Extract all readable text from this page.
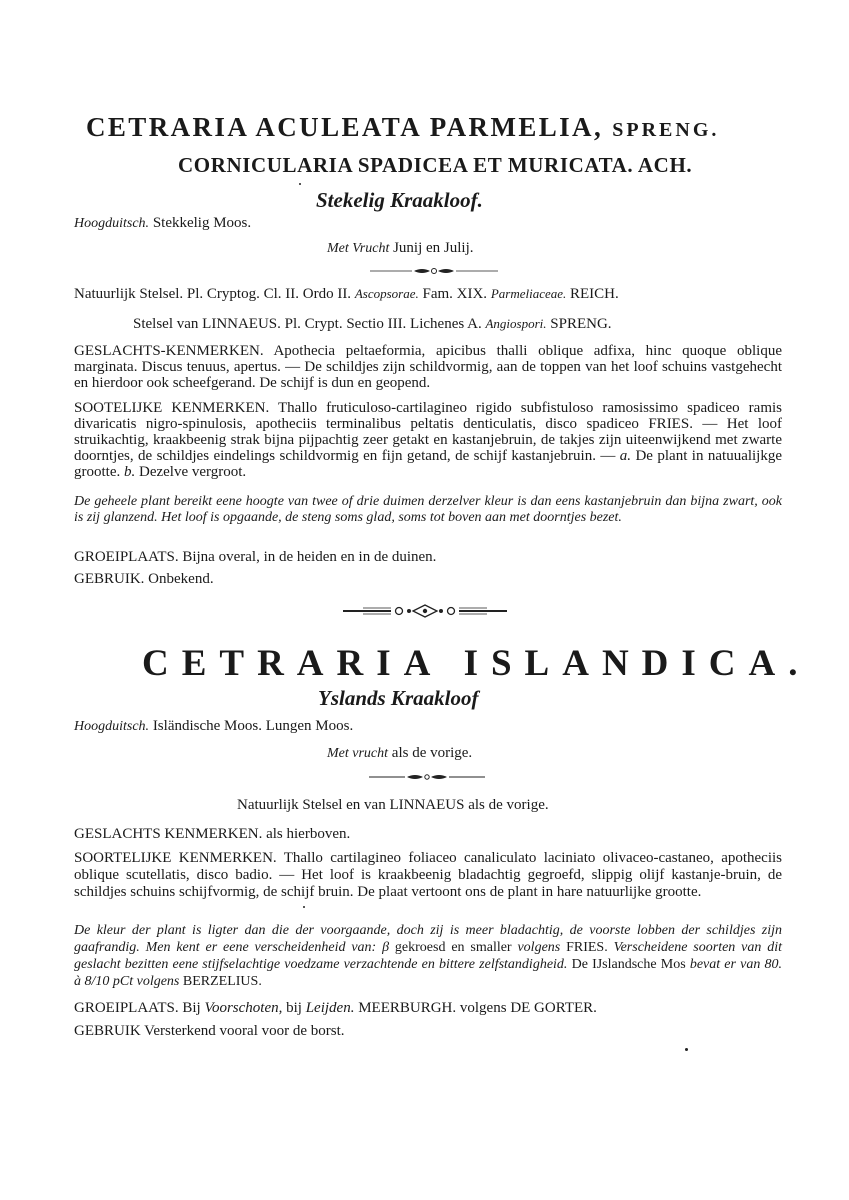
CETRARIA ACULEATA PARMELIA, SPRENG.
CORNICULARIA SPADICEA ET MURICATA. ACH.
Stekelig Kraakloof.
Hoogduitsch. Stekkelig Moos.
Met Vrucht Junij en Julij.
Natuurlijk Stelsel. Pl. Cryptog. Cl. II. Ordo II. Ascopsorae. Fam. XIX. Parmeliaceae. REICH.
Stelsel van LINNAEUS. Pl. Crypt. Sectio III. Lichenes A. Angiospori. SPRENG.
GESLACHTS-KENMERKEN. Apothecia peltaeformia, apicibus thalli oblique adfixa, hinc quoque oblique marginata. Discus tenuus, apertus. — De schildjes zijn schildvormig, aan de toppen van het loof schuins vastgehecht en hierdoor ook scheefgerand. De schijf is dun en geopend.
SOOTELIJKE KENMERKEN. Thallo fruticuloso-cartilagineo rigido subfistuloso ramosissimo spadiceo ramis divaricatis nigro-spinulosis, apotheciis terminalibus peltatis denticulatis, disco spadiceo FRIES. — Het loof struikachtig, kraakbeenig strak bijna pijpachtig zeer getakt en kastanjebruin, de takjes zijn uiteenwijkend met zwarte doorntjes, de schildjes eindelings schildvormig en fijn getand, de schijf kastanjebruin. — a. De plant in natuualijkge grootte. b. Dezelve vergroot.
De geheele plant bereikt eene hoogte van twee of drie duimen derzelver kleur is dan eens kastanjebruin dan bijna zwart, ook is zij glanzend. Het loof is opgaande, de steng soms glad, soms tot boven aan met doorntjes bezet.
GROEIPLAATS. Bijna overal, in de heiden en in de duinen.
GEBRUIK. Onbekend.
CETRARIA ISLANDICA.
Yslands Kraakloof
Hoogduitsch. Isländische Moos. Lungen Moos.
Met vrucht als de vorige.
Natuurlijk Stelsel en van LINNAEUS als de vorige.
GESLACHTS KENMERKEN. als hierboven.
SOORTELIJKE KENMERKEN. Thallo cartilagineo foliaceo canaliculato laciniato olivaceo-castaneo, apotheciis oblique scutellatis, disco badio. — Het loof is kraakbeenig bladachtig gegroefd, slippig olijf kastanje-bruin, de schildjes schuins schijfvormig, de schijf bruin. De plaat vertoont ons de plant in hare natuurlijke grootte.
De kleur der plant is ligter dan die der voorgaande, doch zij is meer bladachtig, de voorste lobben der schildjes zijn gaafrandig. Men kent er eene verscheidenheid van: β gekroesd en smaller volgens FRIES. Verscheidene soorten van dit geslacht bezitten eene stijfselachtige voedzame verzachtende en bittere zelfstandigheid. De IJslandsche Mos bevat er van 80. à 8/10 pCt volgens BERZELIUS.
GROEIPLAATS. Bij Voorschoten, bij Leijden. MEERBURGH. volgens DE GORTER.
GEBRUIK Versterkend vooral voor de borst.
